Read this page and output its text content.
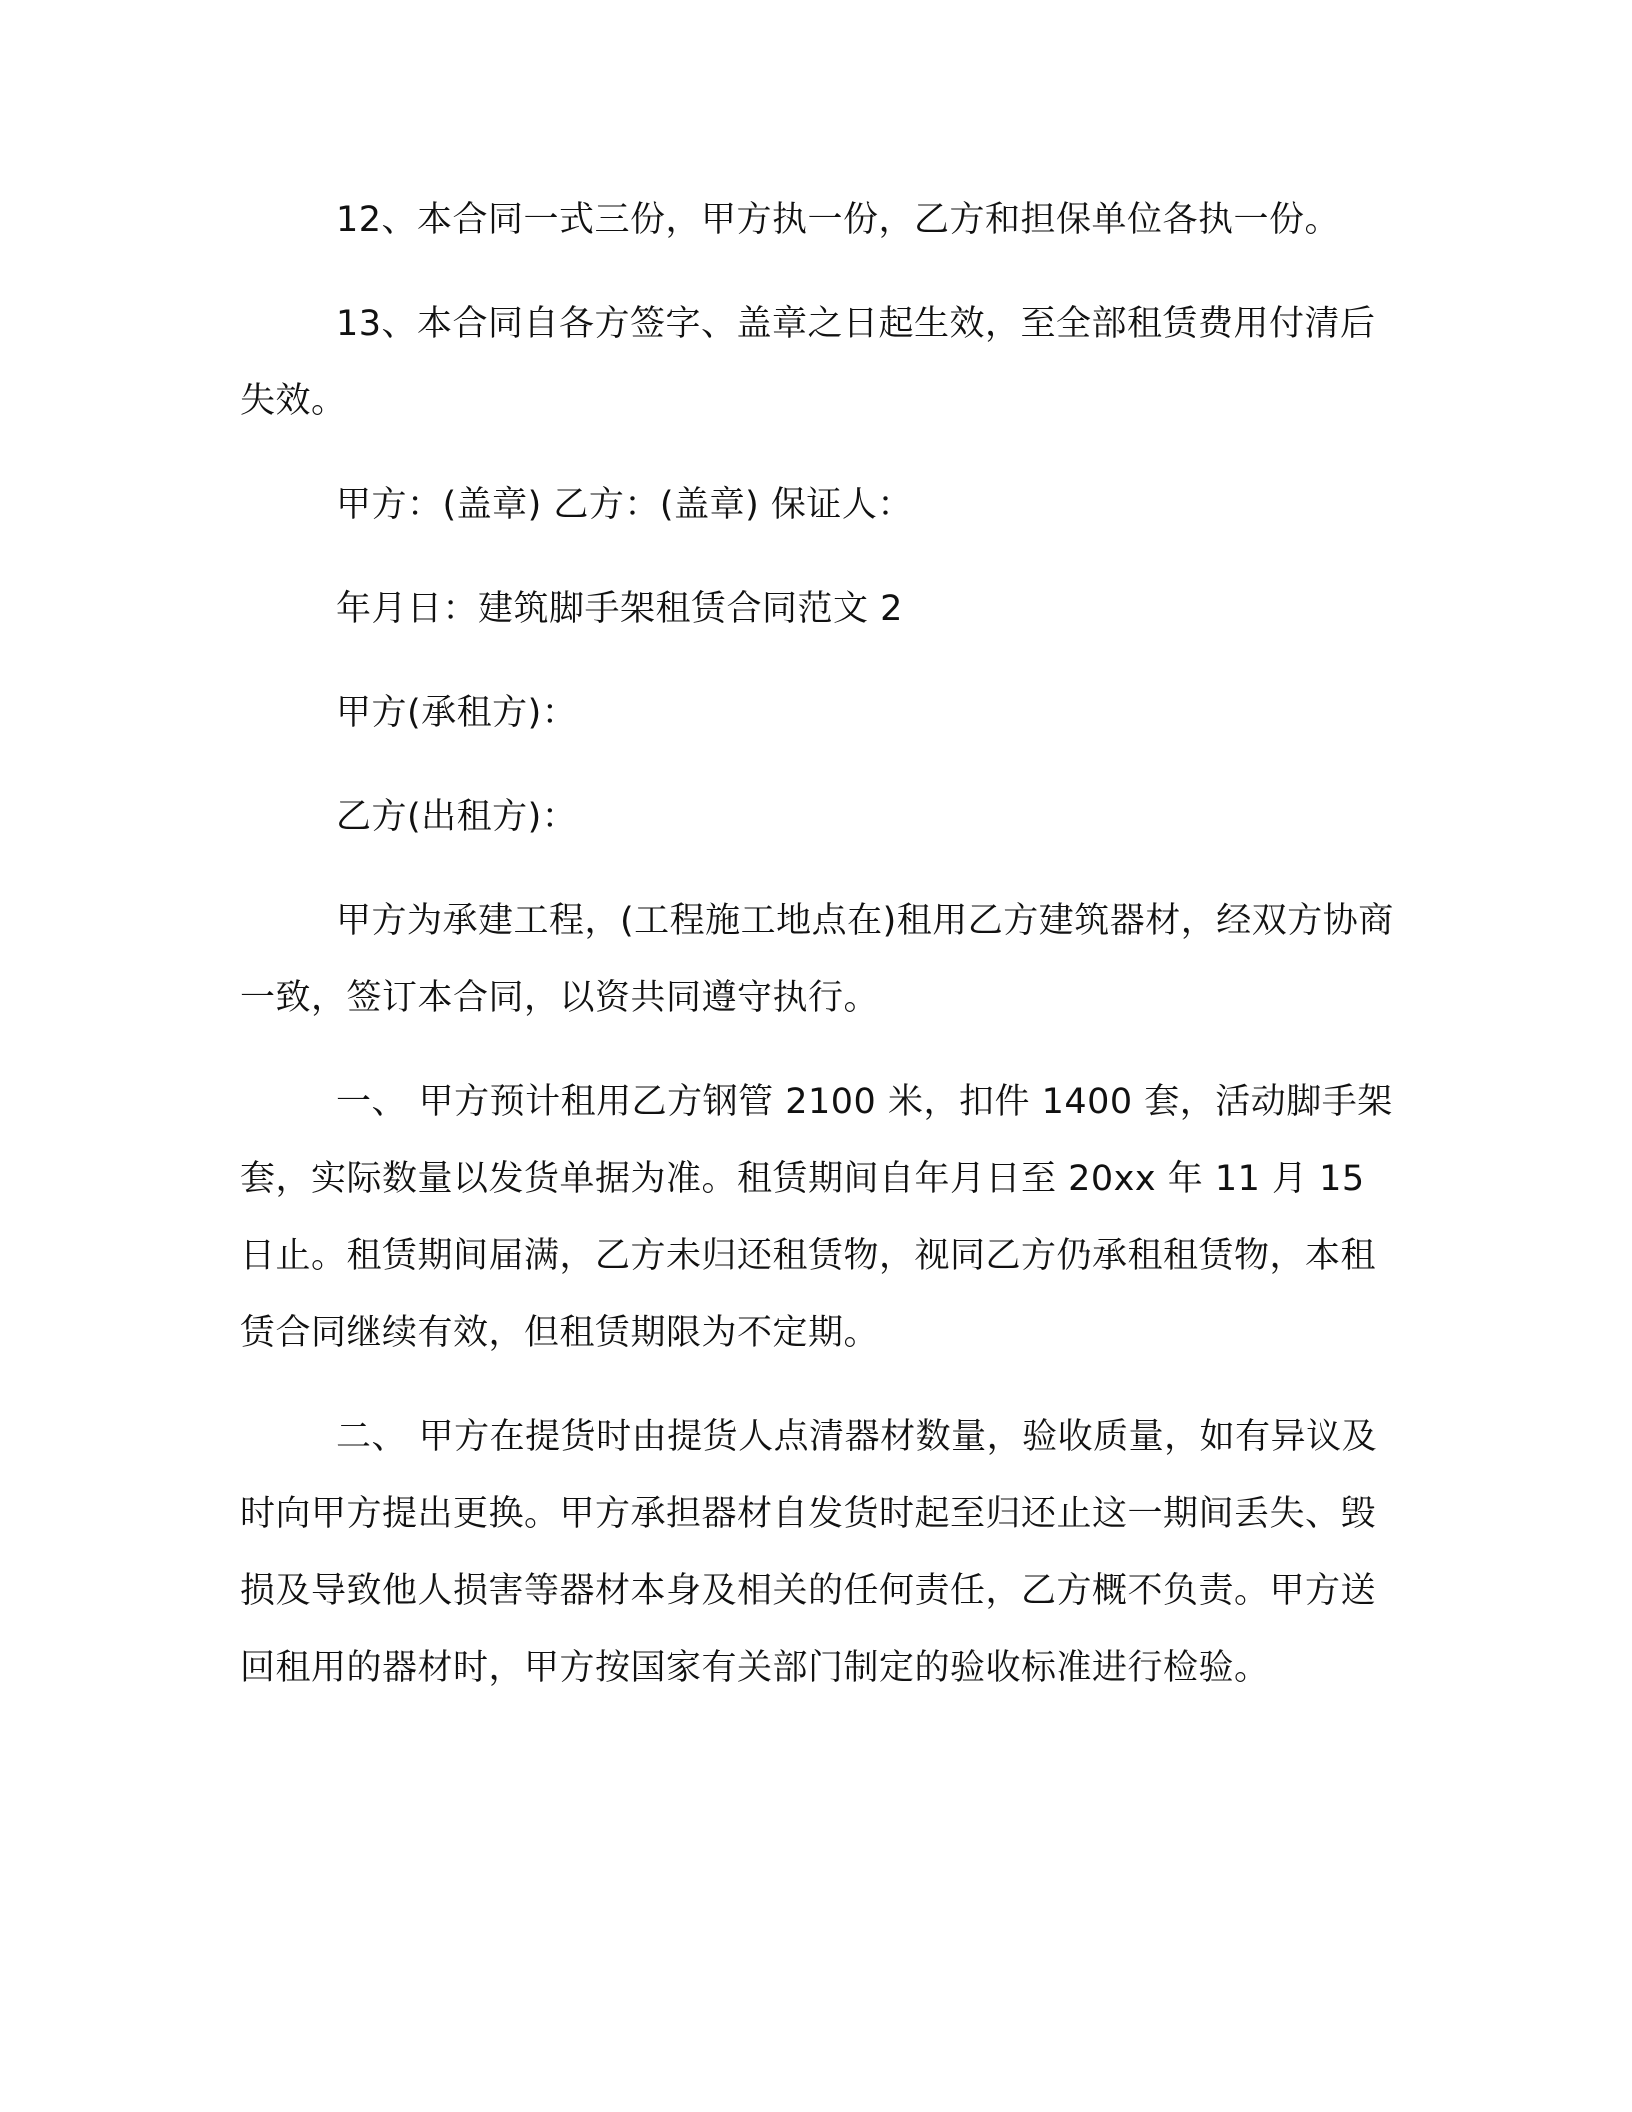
12、本合同一式三份，甲方执一份，乙方和担保单位各执一份。

13、本合同自各方签字、盖章之日起生效，至全部租赁费用付清后失效。

甲方：(盖章) 乙方：(盖章) 保证人：

年月日：建筑脚手架租赁合同范文 2

甲方(承租方)：

乙方(出租方)：

甲方为承建工程，(工程施工地点在)租用乙方建筑器材，经双方协商一致，签订本合同，以资共同遵守执行。

一、 甲方预计租用乙方钢管 2100 米，扣件 1400 套，活动脚手架套，实际数量以发货单据为准。租赁期间自年月日至 20xx 年 11 月 15 日止。租赁期间届满，乙方未归还租赁物，视同乙方仍承租租赁物，本租赁合同继续有效，但租赁期限为不定期。

二、 甲方在提货时由提货人点清器材数量，验收质量，如有异议及时向甲方提出更换。甲方承担器材自发货时起至归还止这一期间丢失、毁损及导致他人损害等器材本身及相关的任何责任，乙方概不负责。甲方送回租用的器材时，甲方按国家有关部门制定的验收标准进行检验。
